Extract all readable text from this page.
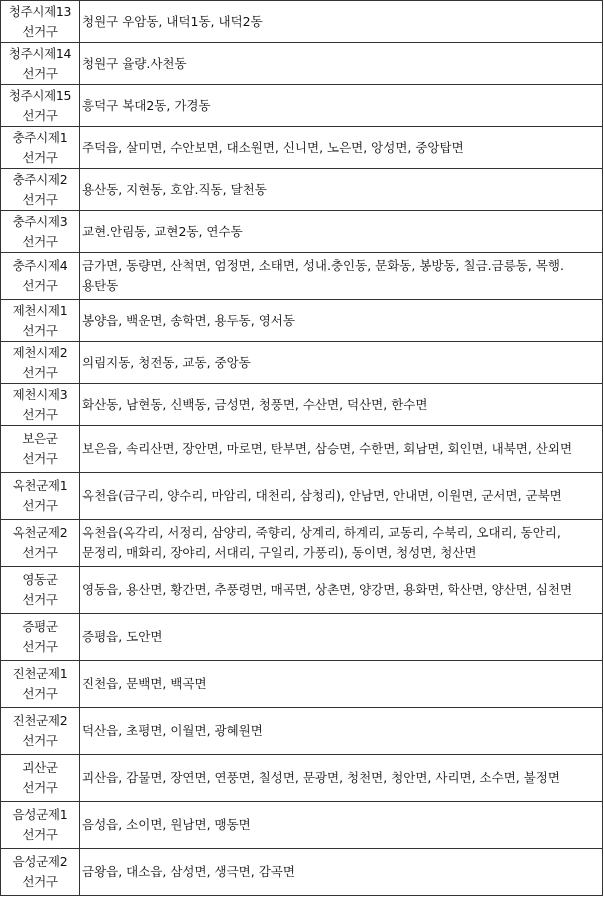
청주시제13
선거구	청원구 우암동, 내덕1동, 내덕2동

청주시제14
선거구	청원구 율량.사천동

청주시제15
선거구	흥덕구 복대2동, 가경동

충주시제1
선거구	주덕읍, 살미면, 수안보면, 대소원면, 신니면, 노은면, 앙성면, 중앙탑면

충주시제2
선거구	용산동, 지현동, 호암.직동, 달천동

충주시제3
선거구	교현.안림동, 교현2동, 연수동

충주시제4
선거구	금가면, 동량면, 산척면, 엄정면, 소태면, 성내.충인동, 문화동, 봉방동, 칠금.금릉동, 목행.용탄동

제천시제1
선거구	봉양읍, 백운면, 송학면, 용두동, 영서동

제천시제2
선거구	의림지동, 청전동, 교동, 중앙동

제천시제3
선거구	화산동, 남현동, 신백동, 금성면, 청풍면, 수산면, 덕산면, 한수면

보은군
선거구	보은읍, 속리산면, 장안면, 마로면, 탄부면, 삼승면, 수한면, 회남면, 회인면, 내북면, 산외면

옥천군제1
선거구	옥천읍(금구리, 양수리, 마암리, 대천리, 삼청리), 안남면, 안내면, 이원면, 군서면, 군북면

옥천군제2
선거구	옥천읍(옥각리, 서정리, 삼양리, 죽향리, 상계리, 하계리, 교동리, 수북리, 오대리, 동안리, 문정리, 매화리, 장야리, 서대리, 구일리, 가풍리), 동이면, 청성면, 청산면

영동군
선거구	영동읍, 용산면, 황간면, 추풍령면, 매곡면, 상촌면, 양강면, 용화면, 학산면, 양산면, 심천면

증평군
선거구	증평읍, 도안면

진천군제1
선거구	진천읍, 문백면, 백곡면

진천군제2
선거구	덕산읍, 초평면, 이월면, 광혜원면

괴산군
선거구	괴산읍, 감물면, 장연면, 연풍면, 칠성면, 문광면, 청천면, 청안면, 사리면, 소수면, 불정면

음성군제1
선거구	음성읍, 소이면, 원남면, 맹동면

음성군제2
선거구	금왕읍, 대소읍, 삼성면, 생극면, 감곡면
